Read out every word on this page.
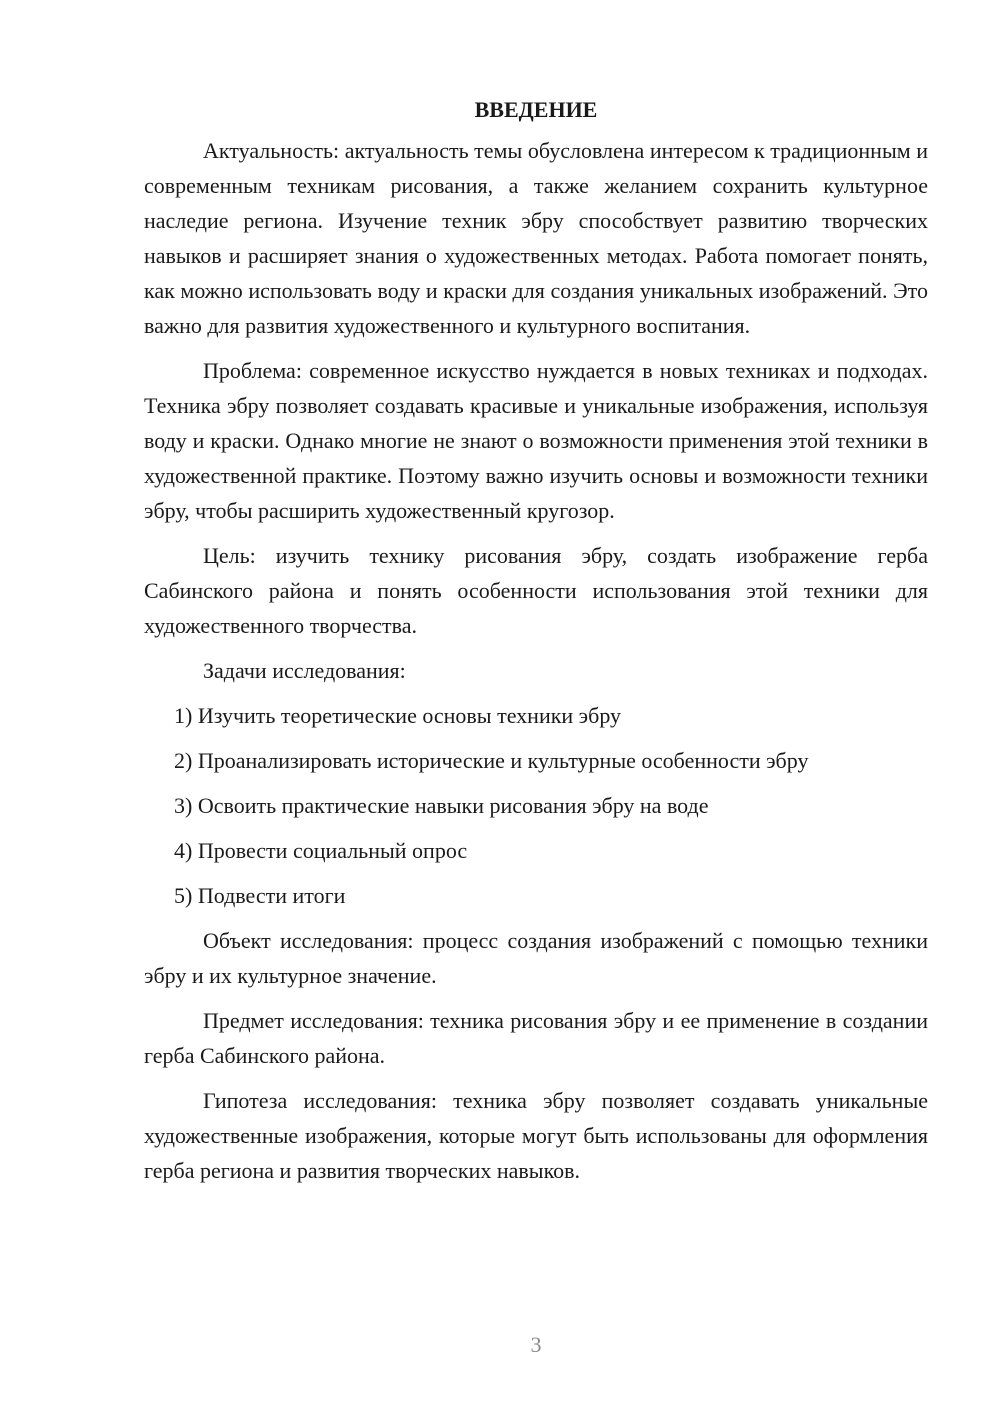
ВВЕДЕНИЕ

Актуальность: актуальность темы обусловлена интересом к традиционным и современным техникам рисования, а также желанием сохранить культурное наследие региона. Изучение техник эбру способствует развитию творческих навыков и расширяет знания о художественных методах. Работа помогает понять, как можно использовать воду и краски для создания уникальных изображений. Это важно для развития художественного и культурного воспитания.

Проблема: современное искусство нуждается в новых техниках и подходах. Техника эбру позволяет создавать красивые и уникальные изображения, используя воду и краски. Однако многие не знают о возможности применения этой техники в художественной практике. Поэтому важно изучить основы и возможности техники эбру, чтобы расширить художественный кругозор.

Цель: изучить технику рисования эбру, создать изображение герба Сабинского района и понять особенности использования этой техники для художественного творчества.

Задачи исследования:

1) Изучить теоретические основы техники эбру
2) Проанализировать исторические и культурные особенности эбру
3) Освоить практические навыки рисования эбру на воде
4) Провести социальный опрос
5) Подвести итоги

Объект исследования: процесс создания изображений с помощью техники эбру и их культурное значение.

Предмет исследования: техника рисования эбру и ее применение в создании герба Сабинского района.

Гипотеза исследования: техника эбру позволяет создавать уникальные художественные изображения, которые могут быть использованы для оформления герба региона и развития творческих навыков.

3
